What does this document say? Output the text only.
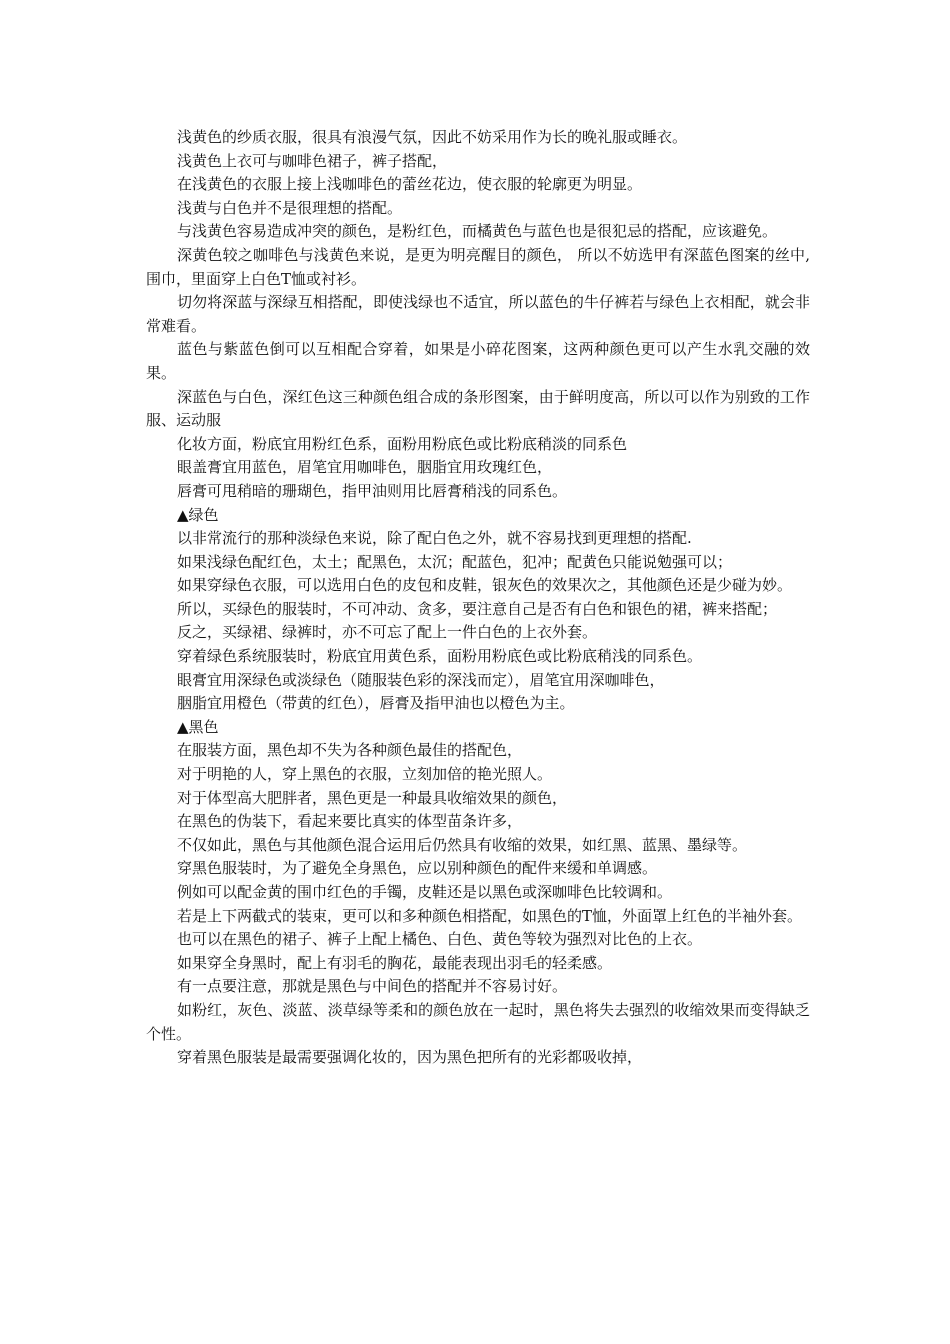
浅黄色的纱质衣服，很具有浪漫气氛，因此不妨采用作为长的晚礼服或睡衣。

浅黄色上衣可与咖啡色裙子，裤子搭配，

在浅黄色的衣服上接上浅咖啡色的蕾丝花边，使衣服的轮廓更为明显。

浅黄与白色并不是很理想的搭配。

与浅黄色容易造成冲突的颜色，是粉红色，而橘黄色与蓝色也是很犯忌的搭配，应该避免。

深黄色较之咖啡色与浅黄色来说，是更为明亮醒目的颜色， 所以不妨选甲有深蓝色图案的丝中,围巾，里面穿上白色T恤或衬衫。

切勿将深蓝与深绿互相搭配，即使浅绿也不适宜，所以蓝色的牛仔裤若与绿色上衣相配，就会非常难看。

蓝色与紫蓝色倒可以互相配合穿着，如果是小碎花图案，这两种颜色更可以产生水乳交融的效果。

深蓝色与白色，深红色这三种颜色组合成的条形图案，由于鲜明度高，所以可以作为别致的工作服、运动服

化妆方面，粉底宜用粉红色系，面粉用粉底色或比粉底稍淡的同系色

眼盖膏宜用蓝色，眉笔宜用咖啡色，胭脂宜用玫瑰红色，

唇膏可甩稍暗的珊瑚色，指甲油则用比唇膏稍浅的同系色。

▲绿色

以非常流行的那种淡绿色来说，除了配白色之外，就不容易找到更理想的搭配.

如果浅绿色配红色，太土；配黑色，太沉；配蓝色，犯冲；配黄色只能说勉强可以；

如果穿绿色衣服，可以选用白色的皮包和皮鞋，银灰色的效果次之，其他颜色还是少碰为妙。

所以，买绿色的服装时，不可冲动、贪多，要注意自己是否有白色和银色的裙，裤来搭配；

反之，买绿裙、绿裤时，亦不可忘了配上一件白色的上衣外套。

穿着绿色系统服装时，粉底宜用黄色系，面粉用粉底色或比粉底稍浅的同系色。

眼膏宜用深绿色或淡绿色（随服装色彩的深浅而定），眉笔宜用深咖啡色，

胭脂宜用橙色（带黄的红色），唇膏及指甲油也以橙色为主。

▲黑色

在服装方面，黑色却不失为各种颜色最佳的搭配色，

对于明艳的人，穿上黑色的衣服，立刻加倍的艳光照人。

对于体型高大肥胖者，黑色更是一种最具收缩效果的颜色，

在黑色的伪装下，看起来要比真实的体型苗条许多，

不仅如此，黑色与其他颜色混合运用后仍然具有收缩的效果，如红黑、蓝黑、墨绿等。

穿黑色服装时，为了避免全身黑色，应以别种颜色的配件来缓和单调感。

例如可以配金黄的围巾红色的手镯，皮鞋还是以黑色或深咖啡色比较调和。

若是上下两截式的装束，更可以和多种颜色相搭配，如黑色的T恤，外面罩上红色的半袖外套。

也可以在黑色的裙子、裤子上配上橘色、白色、黄色等较为强烈对比色的上衣。

如果穿全身黑时，配上有羽毛的胸花，最能表现出羽毛的轻柔感。

有一点要注意，那就是黑色与中间色的搭配并不容易讨好。

如粉红，灰色、淡蓝、淡草绿等柔和的颜色放在一起时，黑色将失去强烈的收缩效果而变得缺乏个性。

穿着黑色服装是最需要强调化妆的，因为黑色把所有的光彩都吸收掉，
